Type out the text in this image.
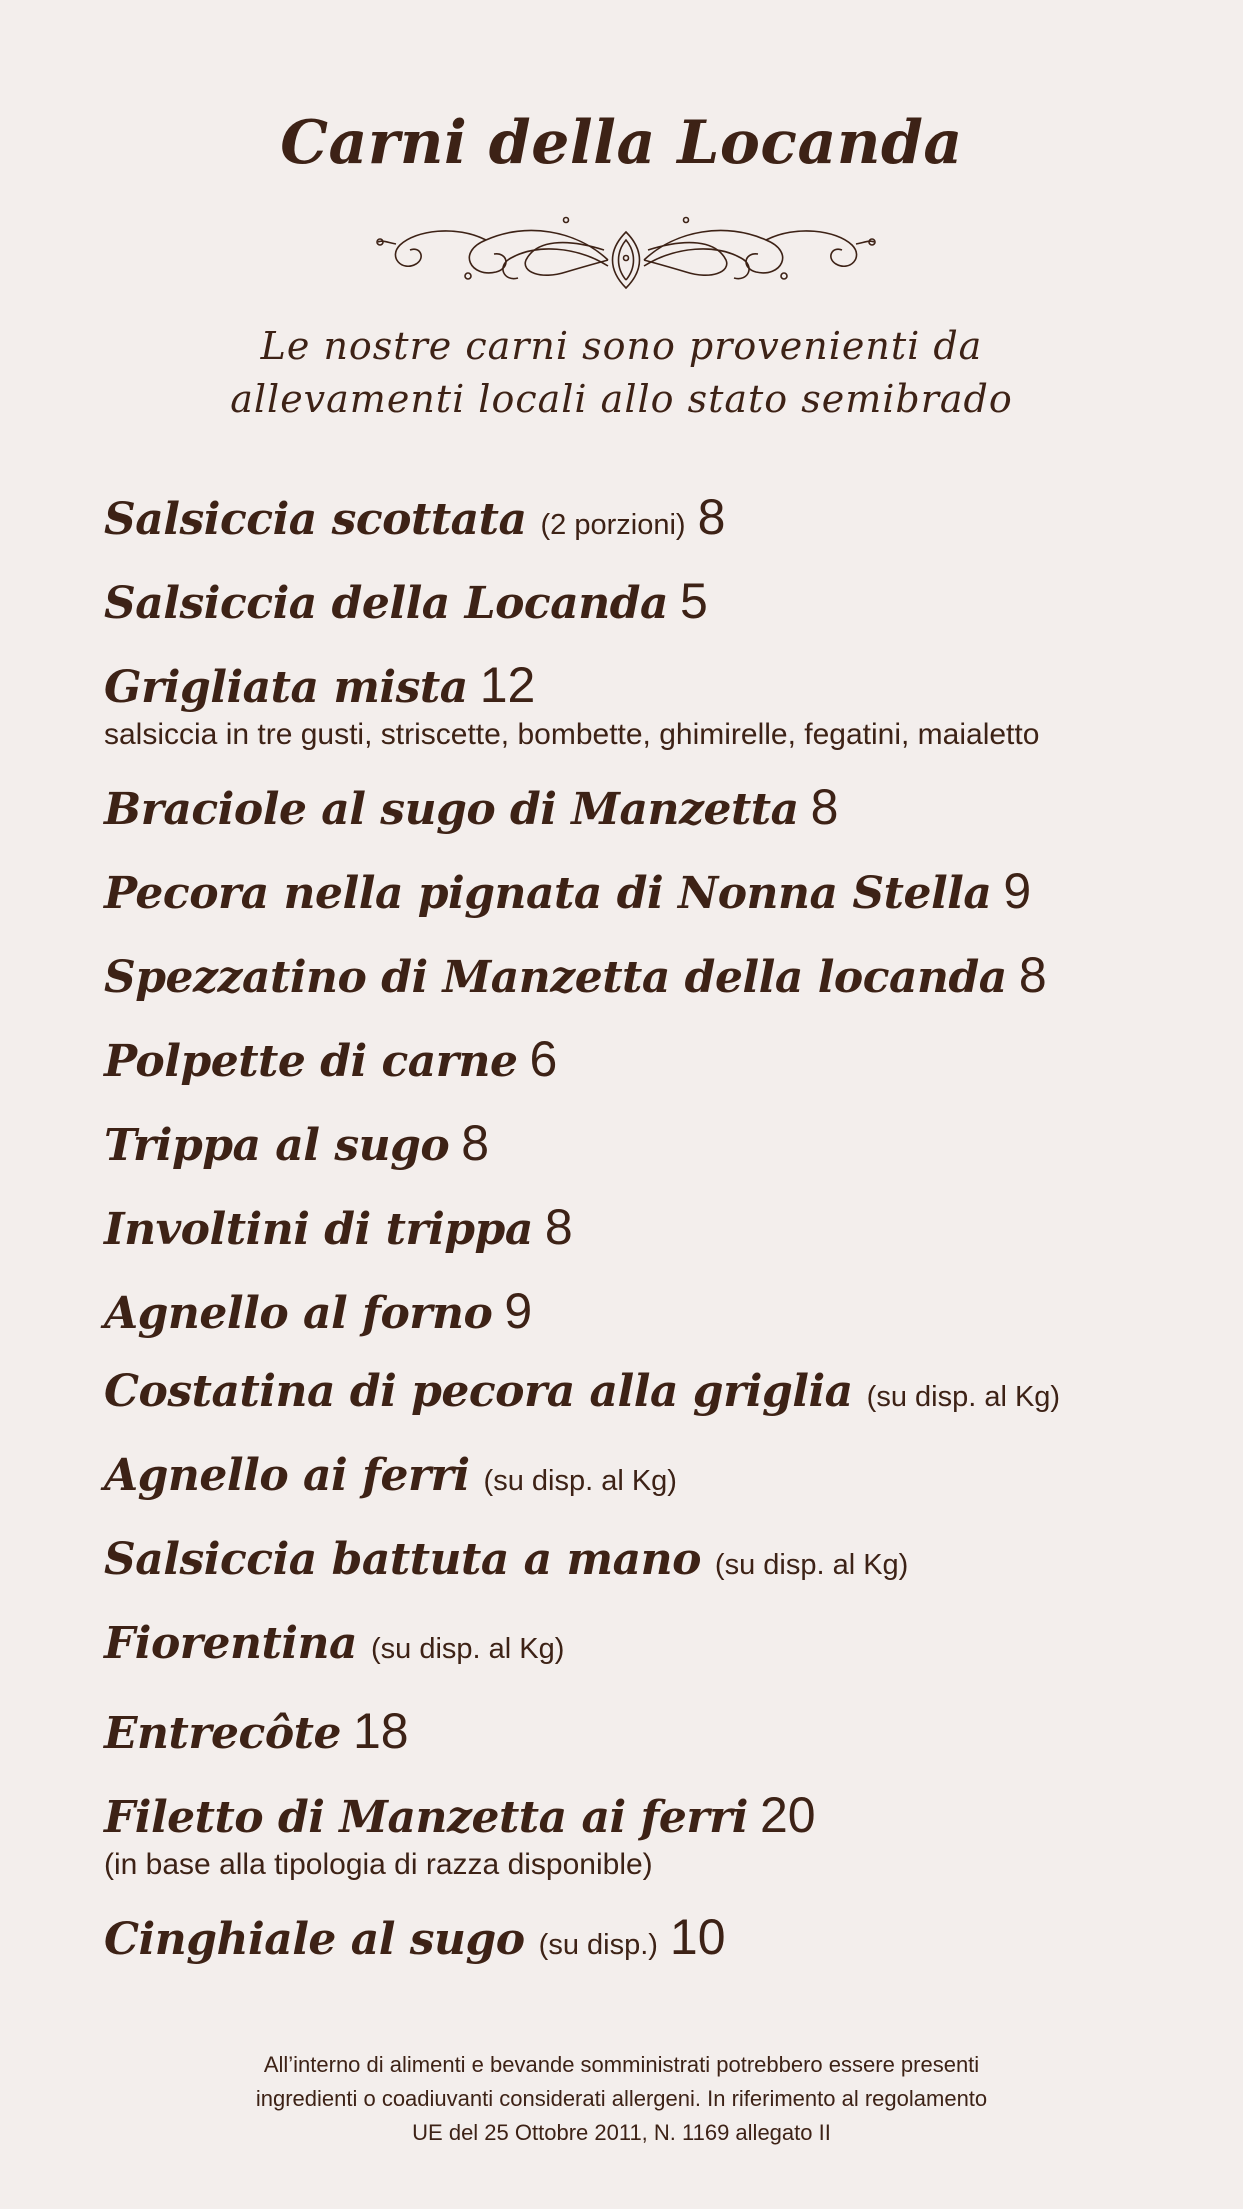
Carni della Locanda
Le nostre carni sono provenienti da
allevamenti locali allo stato semibrado
Salsiccia scottata (2 porzioni) 8
Salsiccia della Locanda 5
Grigliata mista 12
salsiccia in tre gusti, striscette, bombette, ghimirelle, fegatini, maialetto
Braciole al sugo di Manzetta 8
Pecora nella pignata di Nonna Stella 9
Spezzatino di Manzetta della locanda 8
Polpette di carne 6
Trippa al sugo 8
Involtini di trippa 8
Agnello al forno 9
Costatina di pecora alla griglia (su disp. al Kg)
Agnello ai ferri (su disp. al Kg)
Salsiccia battuta a mano (su disp. al Kg)
Fiorentina (su disp. al Kg)
Entrecôte 18
Filetto di Manzetta ai ferri 20
(in base alla tipologia di razza disponible)
Cinghiale al sugo (su disp.) 10
All’interno di alimenti e bevande somministrati potrebbero essere presenti
ingredienti o coadiuvanti considerati allergeni. In riferimento al regolamento
UE del 25 Ottobre 2011, N. 1169 allegato II
